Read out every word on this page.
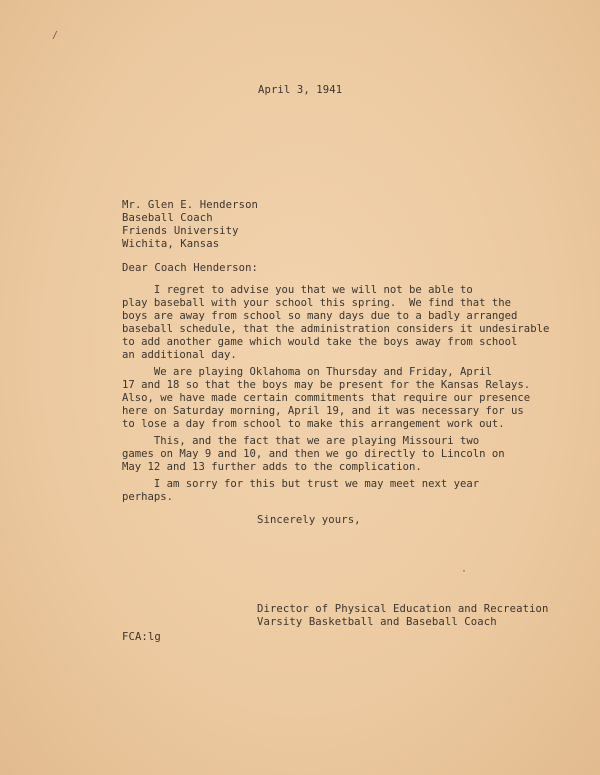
/
April 3, 1941
Mr. Glen E. Henderson
Baseball Coach
Friends University
Wichita, Kansas
Dear Coach Henderson:
I regret to advise you that we will not be able to
play baseball with your school this spring.  We find that the
boys are away from school so many days due to a badly arranged
baseball schedule, that the administration considers it undesirable
to add another game which would take the boys away from school
an additional day.
We are playing Oklahoma on Thursday and Friday, April
17 and 18 so that the boys may be present for the Kansas Relays.
Also, we have made certain commitments that require our presence
here on Saturday morning, April 19, and it was necessary for us
to lose a day from school to make this arrangement work out.
This, and the fact that we are playing Missouri two
games on May 9 and 10, and then we go directly to Lincoln on
May 12 and 13 further adds to the complication.
I am sorry for this but trust we may meet next year
perhaps.
Sincerely yours,
·
Director of Physical Education and Recreation
Varsity Basketball and Baseball Coach
FCA:lg
